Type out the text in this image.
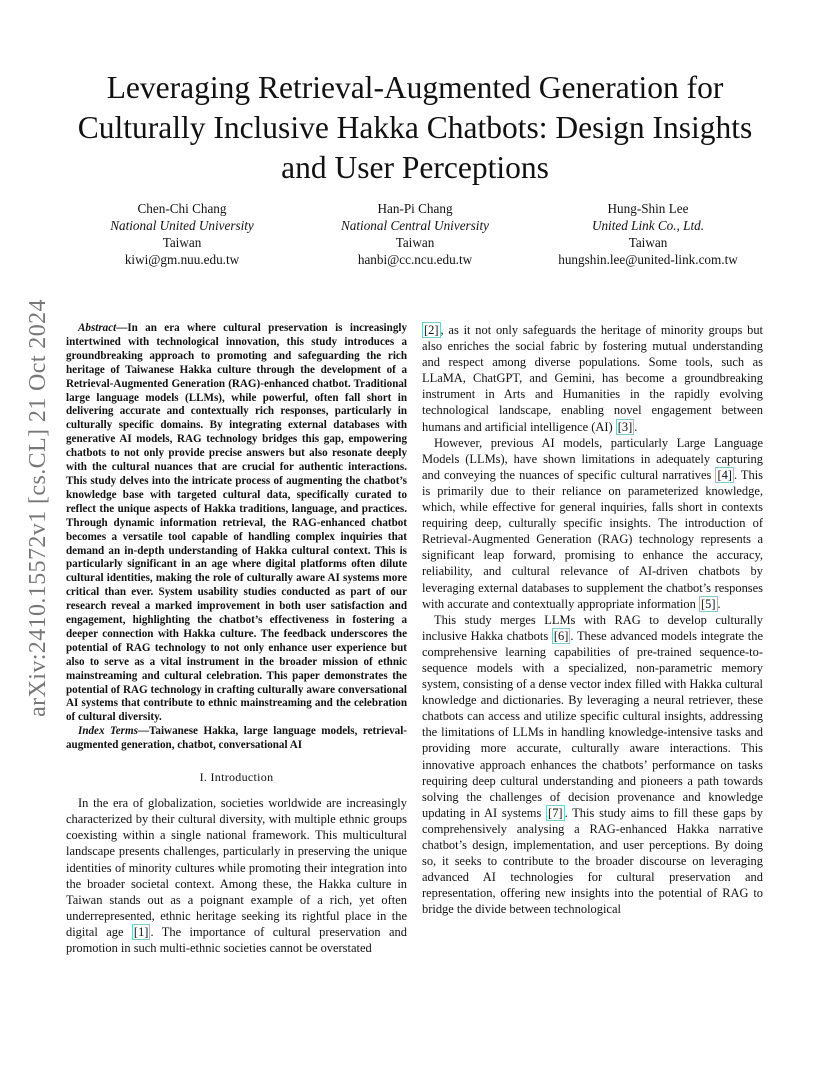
arXiv:2410.15572v1 [cs.CL] 21 Oct 2024
Leveraging Retrieval-Augmented Generation for Culturally Inclusive Hakka Chatbots: Design Insights and User Perceptions
Chen-Chi Chang
National United University
Taiwan
kiwi@gm.nuu.edu.tw
Han-Pi Chang
National Central University
Taiwan
hanbi@cc.ncu.edu.tw
Hung-Shin Lee
United Link Co., Ltd.
Taiwan
hungshin.lee@united-link.com.tw

Abstract—In an era where cultural preservation is increasingly intertwined with technological innovation, this study introduces a groundbreaking approach to promoting and safeguarding the rich heritage of Taiwanese Hakka culture through the development of a Retrieval-Augmented Generation (RAG)-enhanced chatbot. Traditional large language models (LLMs), while powerful, often fall short in delivering accurate and contextually rich responses, particularly in culturally specific domains. By integrating external databases with generative AI models, RAG technology bridges this gap, empowering chatbots to not only provide precise answers but also resonate deeply with the cultural nuances that are crucial for authentic interactions. This study delves into the intricate process of augmenting the chatbot’s knowledge base with targeted cultural data, specifically curated to reflect the unique aspects of Hakka traditions, language, and practices. Through dynamic information retrieval, the RAG-enhanced chatbot becomes a versatile tool capable of handling complex inquiries that demand an in-depth understanding of Hakka cultural context. This is particularly significant in an age where digital platforms often dilute cultural identities, making the role of culturally aware AI systems more critical than ever. System usability studies conducted as part of our research reveal a marked improvement in both user satisfaction and engagement, highlighting the chatbot’s effectiveness in fostering a deeper connection with Hakka culture. The feedback underscores the potential of RAG technology to not only enhance user experience but also to serve as a vital instrument in the broader mission of ethnic mainstreaming and cultural celebration. This paper demonstrates the potential of RAG technology in crafting culturally aware conversational AI systems that contribute to ethnic mainstreaming and the celebration of cultural diversity.

Index Terms—Taiwanese Hakka, large language models, retrieval-augmented generation, chatbot, conversational AI

I. Introduction

In the era of globalization, societies worldwide are increasingly characterized by their cultural diversity, with multiple ethnic groups coexisting within a single national framework. This multicultural landscape presents challenges, particularly in preserving the unique identities of minority cultures while promoting their integration into the broader societal context. Among these, the Hakka culture in Taiwan stands out as a poignant example of a rich, yet often underrepresented, ethnic heritage seeking its rightful place in the digital age [1] . The importance of cultural preservation and promotion in such multi-ethnic societies cannot be overstated

[2] , as it not only safeguards the heritage of minority groups but also enriches the social fabric by fostering mutual understanding and respect among diverse populations. Some tools, such as LLaMA, ChatGPT, and Gemini, has become a groundbreaking instrument in Arts and Humanities in the rapidly evolving technological landscape, enabling novel engagement between humans and artificial intelligence (AI) [3] .

However, previous AI models, particularly Large Language Models (LLMs), have shown limitations in adequately capturing and conveying the nuances of specific cultural narratives [4] . This is primarily due to their reliance on parameterized knowledge, which, while effective for general inquiries, falls short in contexts requiring deep, culturally specific insights. The introduction of Retrieval-Augmented Generation (RAG) technology represents a significant leap forward, promising to enhance the accuracy, reliability, and cultural relevance of AI-driven chatbots by leveraging external databases to supplement the chatbot’s responses with accurate and contextually appropriate information [5] .

This study merges LLMs with RAG to develop culturally inclusive Hakka chatbots [6] . These advanced models integrate the comprehensive learning capabilities of pre-trained sequence-to-sequence models with a specialized, non-parametric memory system, consisting of a dense vector index filled with Hakka cultural knowledge and dictionaries. By leveraging a neural retriever, these chatbots can access and utilize specific cultural insights, addressing the limitations of LLMs in handling knowledge-intensive tasks and providing more accurate, culturally aware interactions. This innovative approach enhances the chatbots’ performance on tasks requiring deep cultural understanding and pioneers a path towards solving the challenges of decision provenance and knowledge updating in AI systems [7] . This study aims to fill these gaps by comprehensively analysing a RAG-enhanced Hakka narrative chatbot’s design, implementation, and user perceptions. By doing so, it seeks to contribute to the broader discourse on leveraging advanced AI technologies for cultural preservation and representation, offering new insights into the potential of RAG to bridge the divide between technological
